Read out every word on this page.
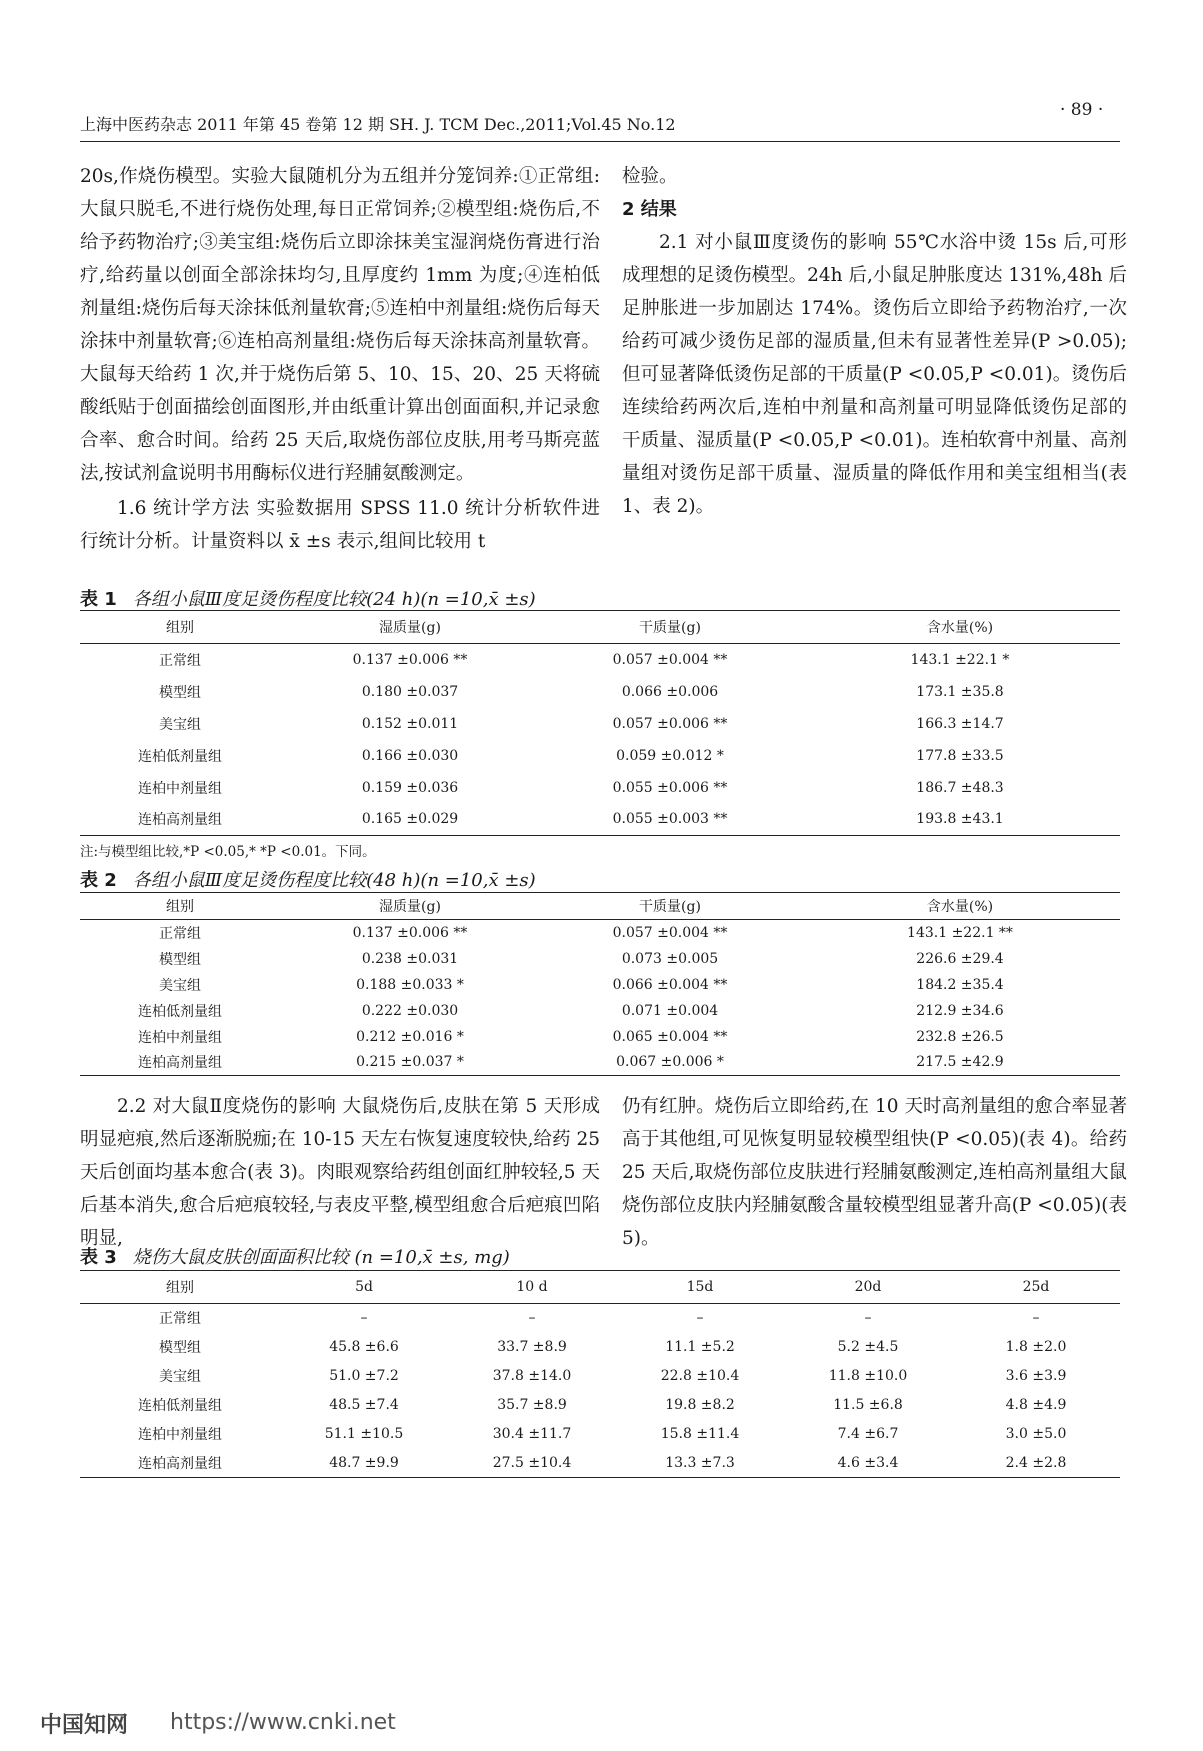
上海中医药杂志 2011 年第 45 卷第 12 期 SH. J. TCM Dec.,2011;Vol.45 No.12
· 89 ·

20s,作烧伤模型。实验大鼠随机分为五组并分笼饲养:①正常组:大鼠只脱毛,不进行烧伤处理,每日正常饲养;②模型组:烧伤后,不给予药物治疗;③美宝组:烧伤后立即涂抹美宝湿润烧伤膏进行治疗,给药量以创面全部涂抹均匀,且厚度约 1mm 为度;④连柏低剂量组:烧伤后每天涂抹低剂量软膏;⑤连柏中剂量组:烧伤后每天涂抹中剂量软膏;⑥连柏高剂量组:烧伤后每天涂抹高剂量软膏。大鼠每天给药 1 次,并于烧伤后第 5、10、15、20、25 天将硫酸纸贴于创面描绘创面图形,并由纸重计算出创面面积,并记录愈合率、愈合时间。给药 25 天后,取烧伤部位皮肤,用考马斯亮蓝法,按试剂盒说明书用酶标仪进行羟脯氨酸测定。

1.6 统计学方法 实验数据用 SPSS 11.0 统计分析软件进行统计分析。计量资料以 x̄ ±s 表示,组间比较用 t

检验。

2 结果

2.1 对小鼠Ⅲ度烫伤的影响 55℃水浴中烫 15s 后,可形成理想的足烫伤模型。24h 后,小鼠足肿胀度达 131%,48h 后足肿胀进一步加剧达 174%。烫伤后立即给予药物治疗,一次给药可减少烫伤足部的湿质量,但未有显著性差异(P >0.05);但可显著降低烫伤足部的干质量(P <0.05,P <0.01)。烫伤后连续给药两次后,连柏中剂量和高剂量可明显降低烫伤足部的干质量、湿质量(P <0.05,P <0.01)。连柏软膏中剂量、高剂量组对烫伤足部干质量、湿质量的降低作用和美宝组相当(表 1、表 2)。

表 1 各组小鼠Ⅲ度足烫伤程度比较(24 h)(n =10,x̄ ±s)
组别	湿质量(g)	干质量(g)	含水量(%)
正常组	0.137 ±0.006 **	0.057 ±0.004 **	143.1 ±22.1 *
模型组	0.180 ±0.037	0.066 ±0.006	173.1 ±35.8
美宝组	0.152 ±0.011	0.057 ±0.006 **	166.3 ±14.7
连柏低剂量组	0.166 ±0.030	0.059 ±0.012 *	177.8 ±33.5
连柏中剂量组	0.159 ±0.036	0.055 ±0.006 **	186.7 ±48.3
连柏高剂量组	0.165 ±0.029	0.055 ±0.003 **	193.8 ±43.1
注:与模型组比较,*P <0.05,* *P <0.01。下同。
表 2 各组小鼠Ⅲ度足烫伤程度比较(48 h)(n =10,x̄ ±s)
组别	湿质量(g)	干质量(g)	含水量(%)
正常组	0.137 ±0.006 **	0.057 ±0.004 **	143.1 ±22.1 **
模型组	0.238 ±0.031	0.073 ±0.005	226.6 ±29.4
美宝组	0.188 ±0.033 *	0.066 ±0.004 **	184.2 ±35.4
连柏低剂量组	0.222 ±0.030	0.071 ±0.004	212.9 ±34.6
连柏中剂量组	0.212 ±0.016 *	0.065 ±0.004 **	232.8 ±26.5
连柏高剂量组	0.215 ±0.037 *	0.067 ±0.006 *	217.5 ±42.9

2.2 对大鼠Ⅱ度烧伤的影响 大鼠烧伤后,皮肤在第 5 天形成明显疤痕,然后逐渐脱痂;在 10-15 天左右恢复速度较快,给药 25 天后创面均基本愈合(表 3)。肉眼观察给药组创面红肿较轻,5 天后基本消失,愈合后疤痕较轻,与表皮平整,模型组愈合后疤痕凹陷明显,

仍有红肿。烧伤后立即给药,在 10 天时高剂量组的愈合率显著高于其他组,可见恢复明显较模型组快(P <0.05)(表 4)。给药 25 天后,取烧伤部位皮肤进行羟脯氨酸测定,连柏高剂量组大鼠烧伤部位皮肤内羟脯氨酸含量较模型组显著升高(P <0.05)(表 5)。

表 3 烧伤大鼠皮肤创面面积比较 (n =10,x̄ ±s, mg)
组别	5d	10 d	15d	20d	25d
正常组	–	–	–	–	–
模型组	45.8 ±6.6	33.7 ±8.9	11.1 ±5.2	5.2 ±4.5	1.8 ±2.0
美宝组	51.0 ±7.2	37.8 ±14.0	22.8 ±10.4	11.8 ±10.0	3.6 ±3.9
连柏低剂量组	48.5 ±7.4	35.7 ±8.9	19.8 ±8.2	11.5 ±6.8	4.8 ±4.9
连柏中剂量组	51.1 ±10.5	30.4 ±11.7	15.8 ±11.4	7.4 ±6.7	3.0 ±5.0
连柏高剂量组	48.7 ±9.9	27.5 ±10.4	13.3 ±7.3	4.6 ±3.4	2.4 ±2.8
中国知网 https://www.cnki.net
